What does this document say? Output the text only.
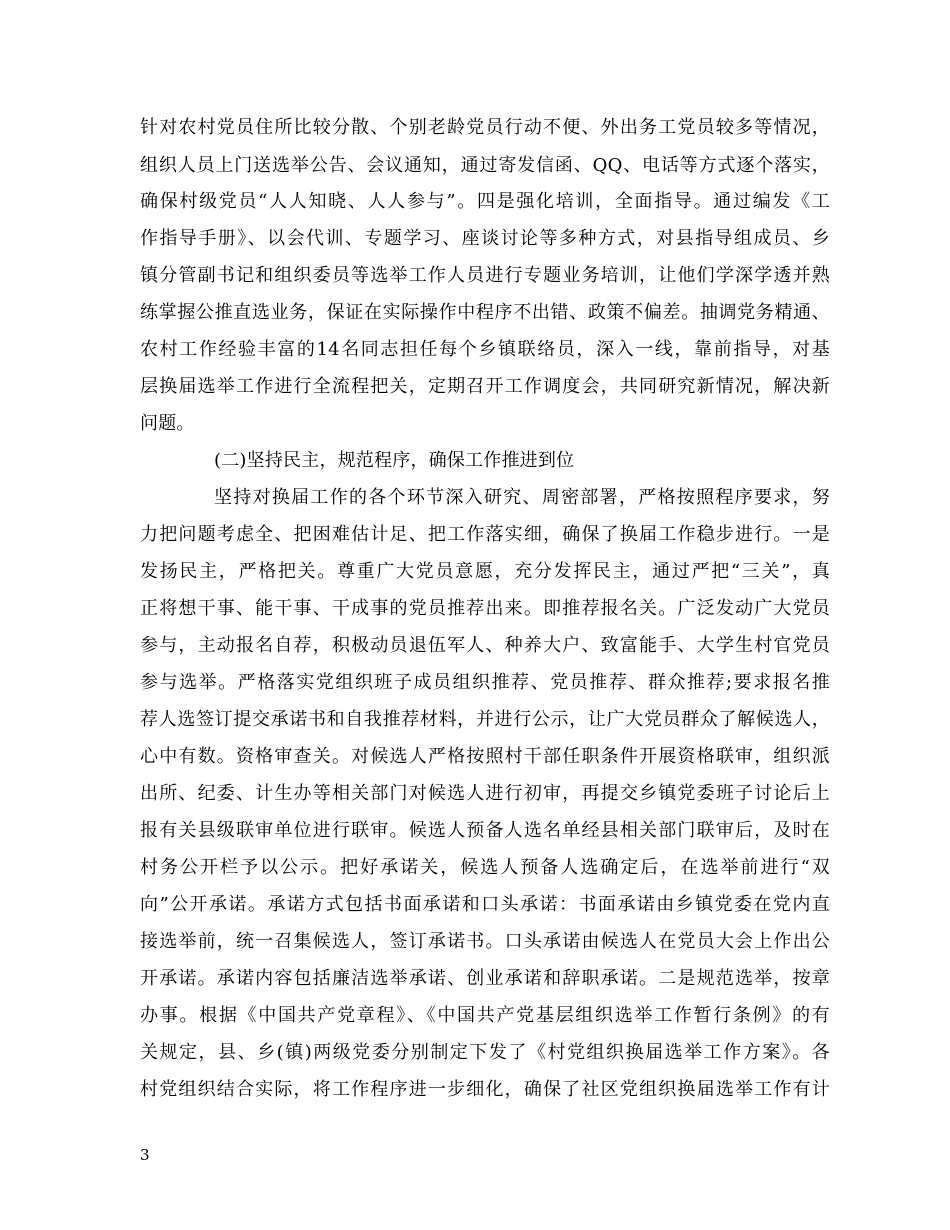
针对农村党员住所比较分散、个别老龄党员行动不便、外出务工党员较多等情况，
组织人员上门送选举公告、会议通知，通过寄发信函、QQ、电话等方式逐个落实，
确保村级党员“人人知晓、人人参与”。四是强化培训，全面指导。通过编发《工
作指导手册》、以会代训、专题学习、座谈讨论等多种方式，对县指导组成员、乡
镇分管副书记和组织委员等选举工作人员进行专题业务培训，让他们学深学透并熟
练掌握公推直选业务，保证在实际操作中程序不出错、政策不偏差。抽调党务精通、
农村工作经验丰富的14名同志担任每个乡镇联络员，深入一线，靠前指导，对基
层换届选举工作进行全流程把关，定期召开工作调度会，共同研究新情况，解决新
问题。
(二)坚持民主，规范程序，确保工作推进到位
坚持对换届工作的各个环节深入研究、周密部署，严格按照程序要求，努
力把问题考虑全、把困难估计足、把工作落实细，确保了换届工作稳步进行。一是
发扬民主，严格把关。尊重广大党员意愿，充分发挥民主，通过严把“三关”，真
正将想干事、能干事、干成事的党员推荐出来。即推荐报名关。广泛发动广大党员
参与，主动报名自荐，积极动员退伍军人、种养大户、致富能手、大学生村官党员
参与选举。严格落实党组织班子成员组织推荐、党员推荐、群众推荐;要求报名推
荐人选签订提交承诺书和自我推荐材料，并进行公示，让广大党员群众了解候选人，
心中有数。资格审查关。对候选人严格按照村干部任职条件开展资格联审，组织派
出所、纪委、计生办等相关部门对候选人进行初审，再提交乡镇党委班子讨论后上
报有关县级联审单位进行联审。候选人预备人选名单经县相关部门联审后，及时在
村务公开栏予以公示。把好承诺关，候选人预备人选确定后，在选举前进行“双
向”公开承诺。承诺方式包括书面承诺和口头承诺：书面承诺由乡镇党委在党内直
接选举前，统一召集候选人，签订承诺书。口头承诺由候选人在党员大会上作出公
开承诺。承诺内容包括廉洁选举承诺、创业承诺和辞职承诺。二是规范选举，按章
办事。根据《中国共产党章程》、《中国共产党基层组织选举工作暂行条例》的有
关规定，县、乡(镇)两级党委分别制定下发了《村党组织换届选举工作方案》。各
村党组织结合实际，将工作程序进一步细化，确保了社区党组织换届选举工作有计
3
